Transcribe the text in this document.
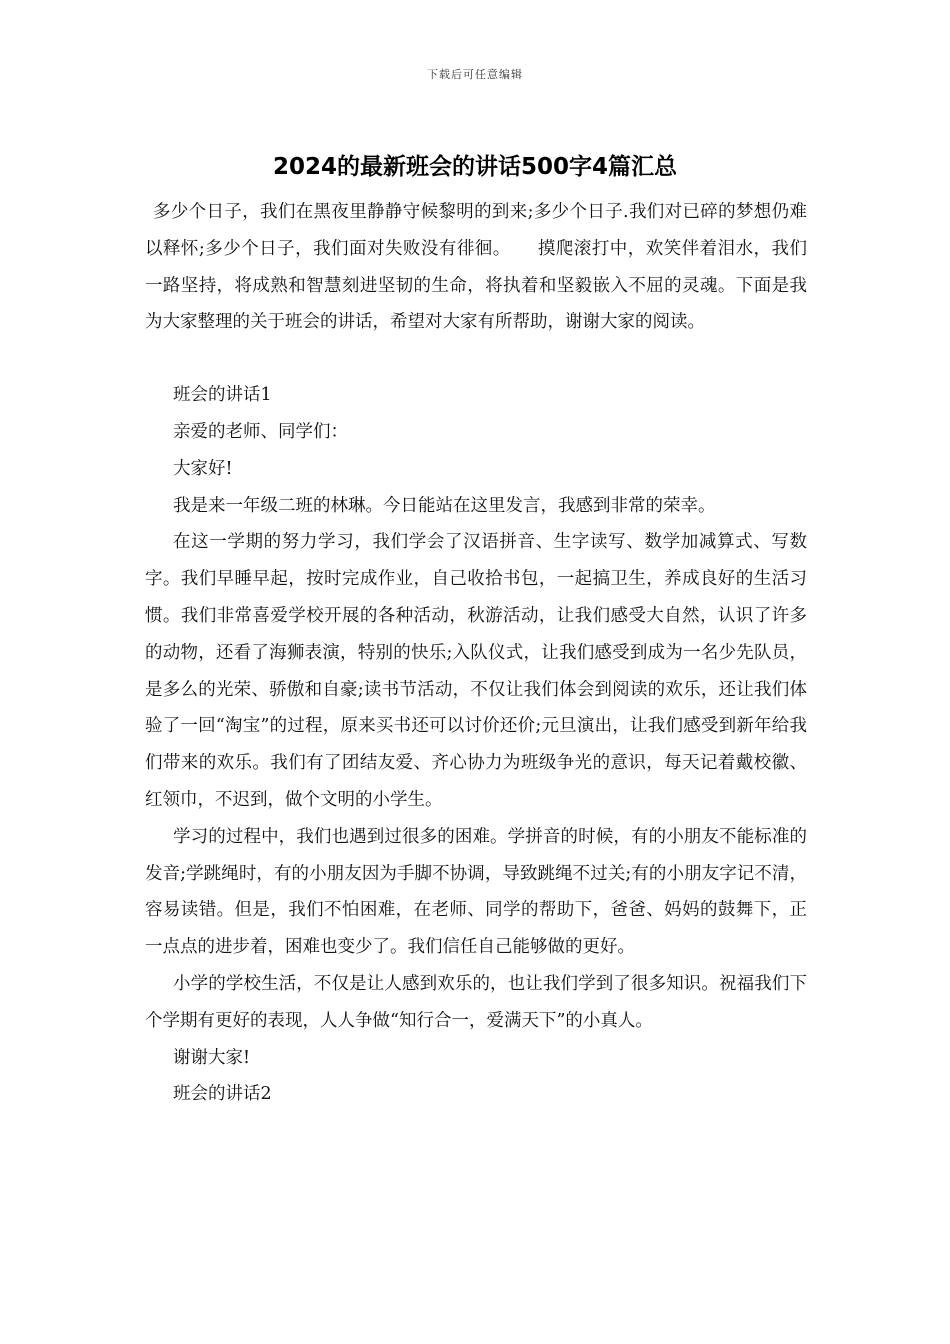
下载后可任意编辑
2024的最新班会的讲话500字4篇汇总

多少个日子，我们在黑夜里静静守候黎明的到来;多少个日子.我们对已碎的梦想仍难以释怀;多少个日子，我们面对失败没有徘徊。　　摸爬滚打中，欢笑伴着泪水，我们一路坚持，将成熟和智慧刻进坚韧的生命，将执着和坚毅嵌入不屈的灵魂。下面是我为大家整理的关于班会的讲话，希望对大家有所帮助，谢谢大家的阅读。

班会的讲话1

亲爱的老师、同学们：

大家好!

我是来一年级二班的林琳。今日能站在这里发言，我感到非常的荣幸。

在这一学期的努力学习，我们学会了汉语拼音、生字读写、数学加减算式、写数字。我们早睡早起，按时完成作业，自己收拾书包，一起搞卫生，养成良好的生活习惯。我们非常喜爱学校开展的各种活动，秋游活动，让我们感受大自然，认识了许多的动物，还看了海狮表演，特别的快乐;入队仪式，让我们感受到成为一名少先队员，是多么的光荣、骄傲和自豪;读书节活动，不仅让我们体会到阅读的欢乐，还让我们体验了一回“淘宝”的过程，原来买书还可以讨价还价;元旦演出，让我们感受到新年给我们带来的欢乐。我们有了团结友爱、齐心协力为班级争光的意识，每天记着戴校徽、红领巾，不迟到，做个文明的小学生。

学习的过程中，我们也遇到过很多的困难。学拼音的时候，有的小朋友不能标准的发音;学跳绳时，有的小朋友因为手脚不协调，导致跳绳不过关;有的小朋友字记不清，容易读错。但是，我们不怕困难，在老师、同学的帮助下，爸爸、妈妈的鼓舞下，正一点点的进步着，困难也变少了。我们信任自己能够做的更好。

小学的学校生活，不仅是让人感到欢乐的，也让我们学到了很多知识。祝福我们下个学期有更好的表现，人人争做“知行合一，爱满天下”的小真人。

谢谢大家!

班会的讲话2
